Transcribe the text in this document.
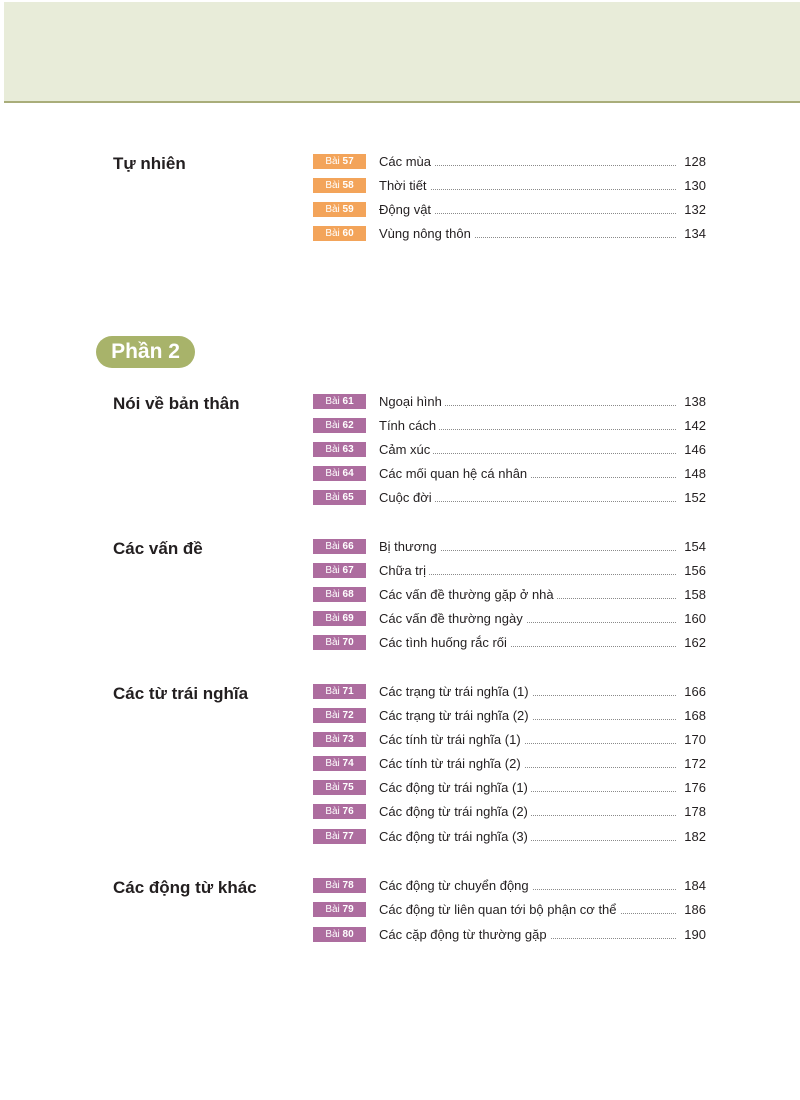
Phần 2
Tự nhiên	Bài 57	Các mùa	128
Bài 58	Thời tiết	130
Bài 59	Động vật	132
Bài 60	Vùng nông thôn	134
Nói về bản thân	Bài 61	Ngoại hình	138
Bài 62	Tính cách	142
Bài 63	Cảm xúc	146
Bài 64	Các mối quan hệ cá nhân	148
Bài 65	Cuộc đời	152
Các vấn đề	Bài 66	Bị thương	154
Bài 67	Chữa trị	156
Bài 68	Các vấn đề thường gặp ở nhà	158
Bài 69	Các vấn đề thường ngày	160
Bài 70	Các tình huống rắc rối	162
Các từ trái nghĩa	Bài 71	Các trạng từ trái nghĩa (1)	166
Bài 72	Các trạng từ trái nghĩa (2)	168
Bài 73	Các tính từ trái nghĩa (1)	170
Bài 74	Các tính từ trái nghĩa (2)	172
Bài 75	Các động từ trái nghĩa (1)	176
Bài 76	Các động từ trái nghĩa (2)	178
Bài 77	Các động từ trái nghĩa (3)	182
Các động từ khác	Bài 78	Các động từ chuyển động	184
Bài 79	Các động từ liên quan tới bộ phận cơ thể	186
Bài 80	Các cặp động từ thường gặp	190
